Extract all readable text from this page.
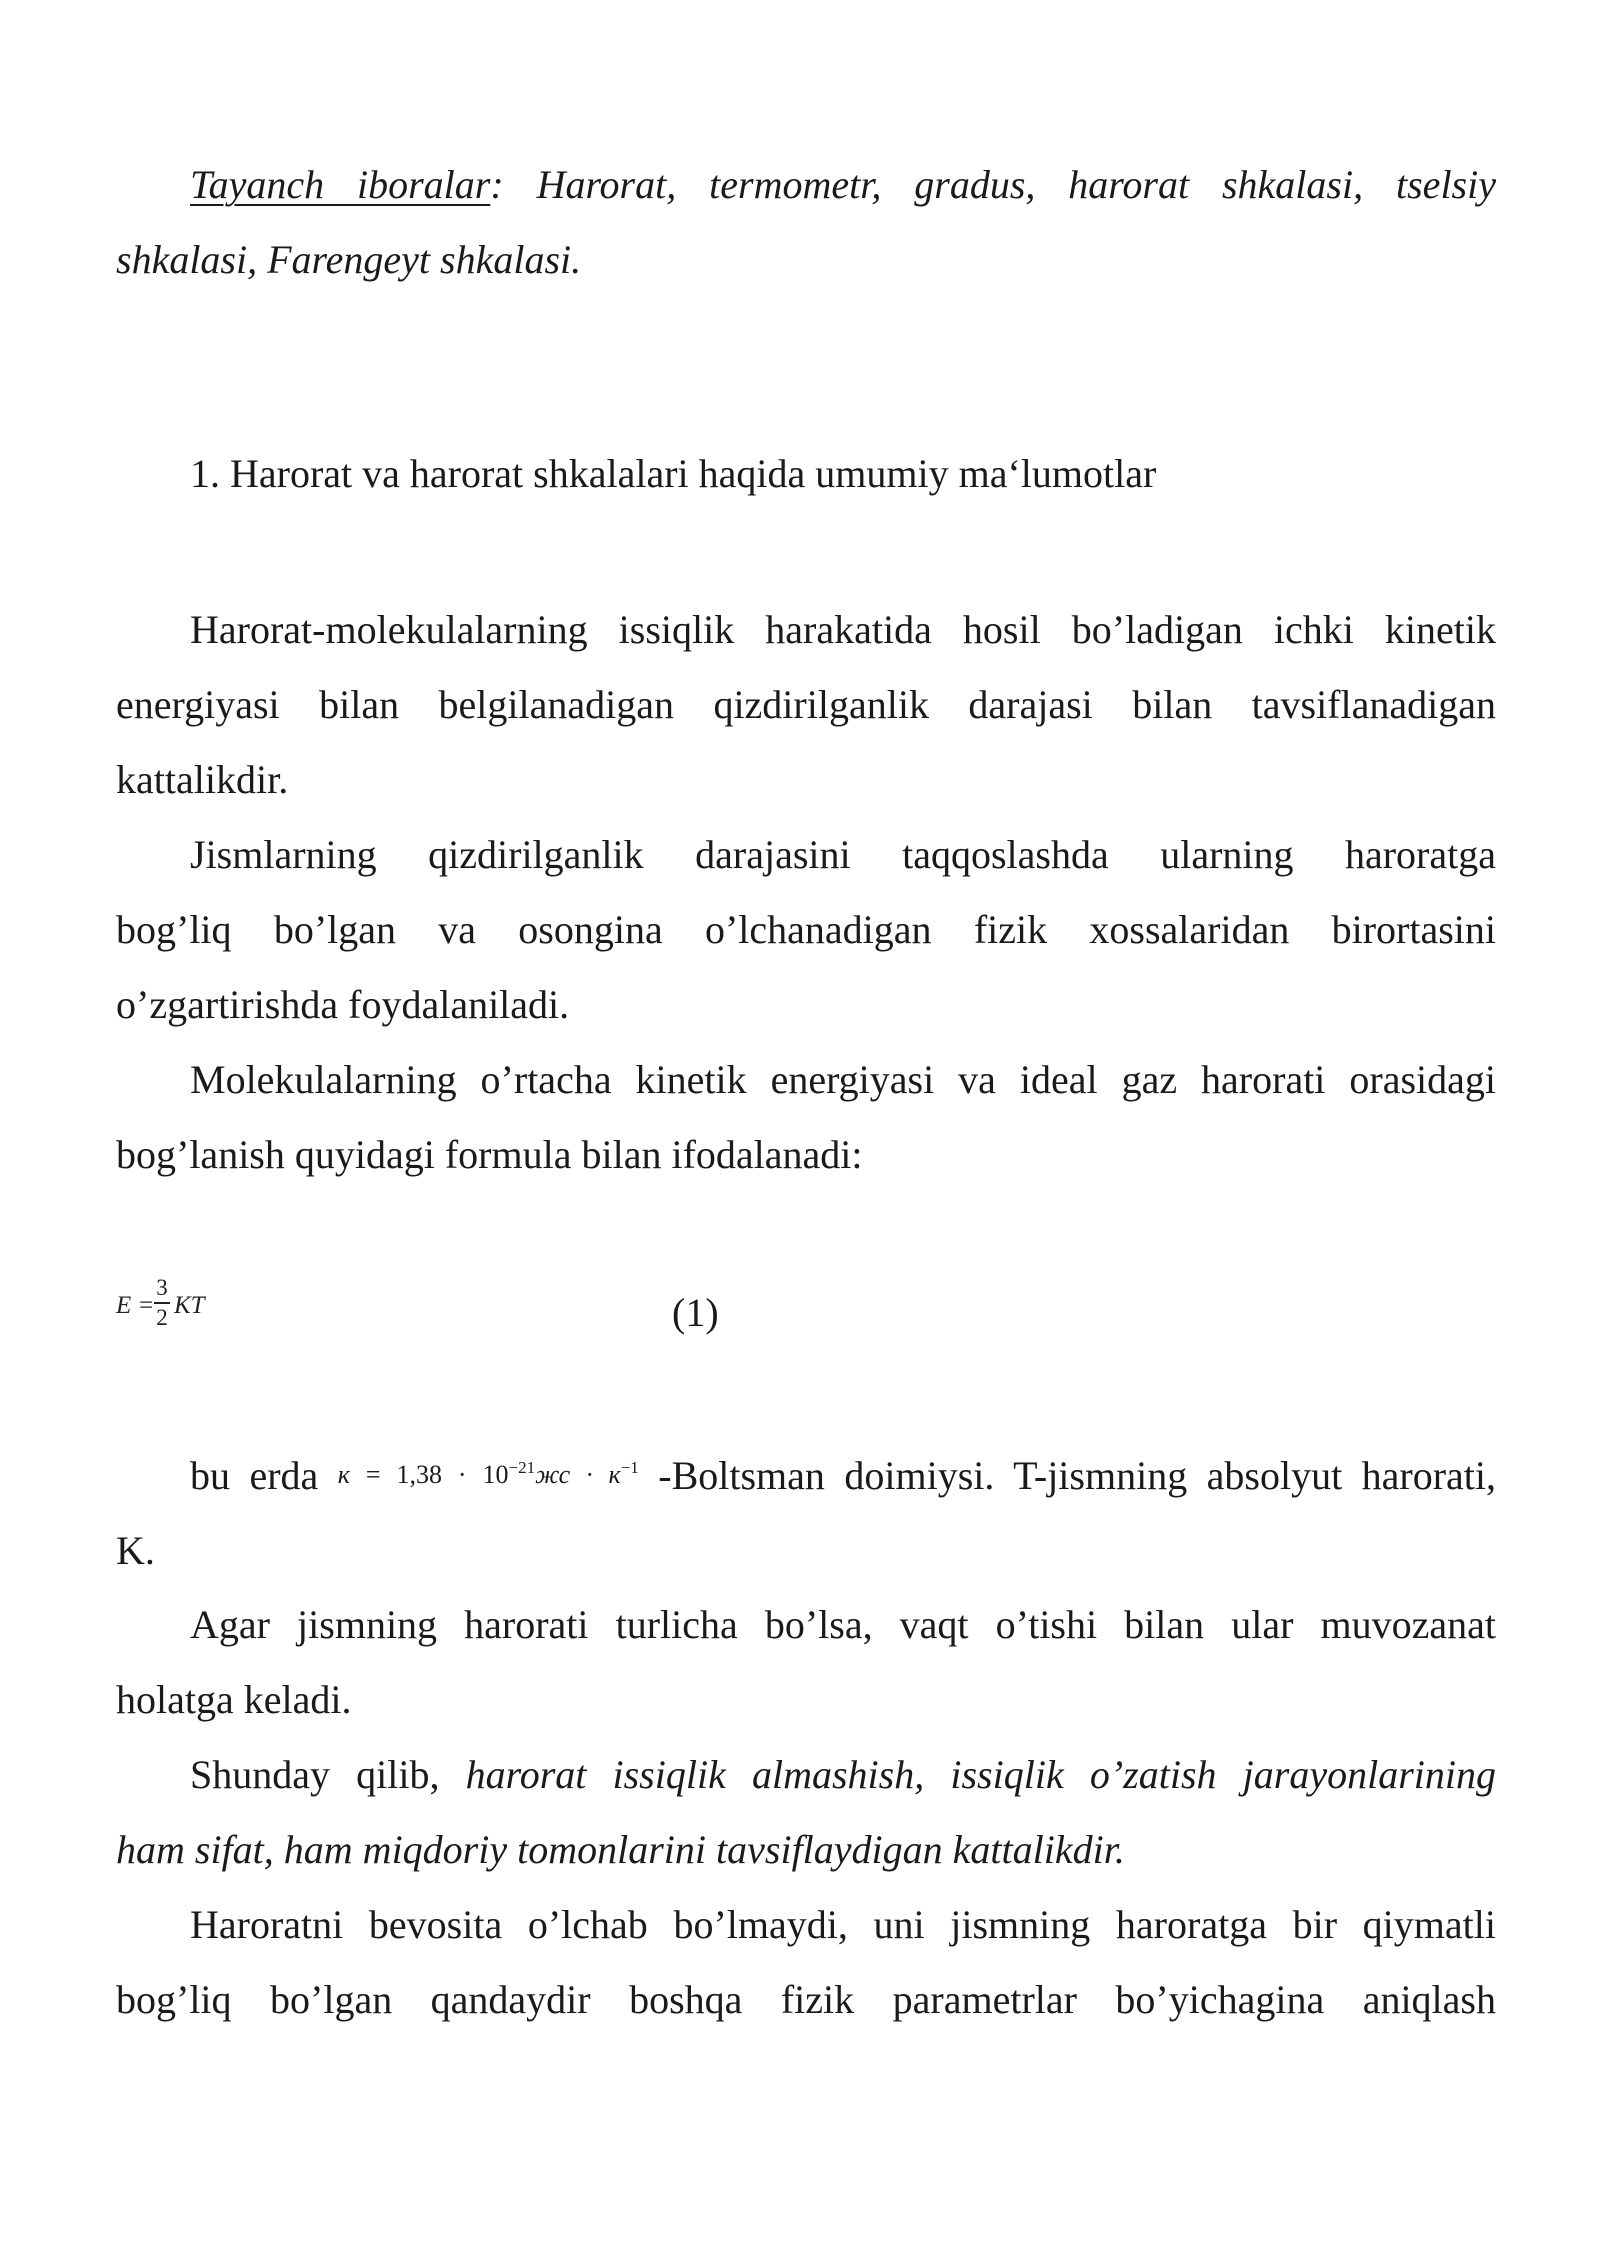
Tayanch iboralar: Harorat, termometr, gradus, harorat shkalasi, tselsiy
shkalasi, Farengeyt shkalasi.
1. Harorat va harorat shkalalari haqida umumiy ma‘lumotlar
Harorat-molekulalarning issiqlik harakatida hosil bo’ladigan ichki kinetik
energiyasi bilan belgilanadigan qizdirilganlik darajasi bilan tavsiflanadigan
kattalikdir.
Jismlarning qizdirilganlik darajasini taqqoslashda ularning haroratga
bog’liq bo’lgan va osongina o’lchanadigan fizik xossalaridan birortasini
o’zgartirishda foydalaniladi.
Molekulalarning o’rtacha kinetik energiyasi va ideal gaz harorati orasidagi
bog’lanish quyidagi formula bilan ifodalanadi:
E =
3
2 KT	(1)
bu erda $к = 1,38 \cdot 10^{-21}жс \cdot к^{-1}$ -Boltsman doimiysi. T-jismning absolyut harorati,
K.
Agar jismning harorati turlicha bo’lsa, vaqt o’tishi bilan ular muvozanat
holatga keladi.
Shunday qilib, harorat issiqlik almashish, issiqlik o’zatish jarayonlarining
ham sifat, ham miqdoriy tomonlarini tavsiflaydigan kattalikdir.
Haroratni bevosita o’lchab bo’lmaydi, uni jismning haroratga bir qiymatli
bog’liq bo’lgan qandaydir boshqa fizik parametrlar bo’yichagina aniqlash
